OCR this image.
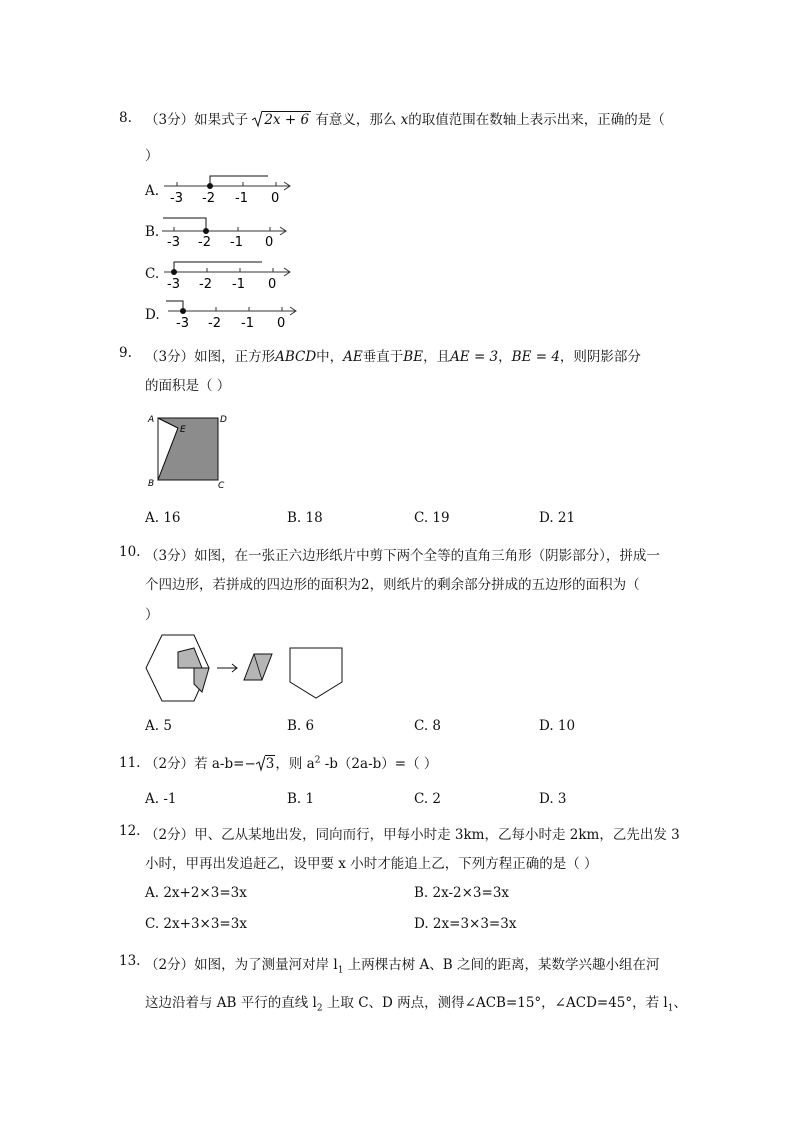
8. （3分）如果式子 2x + 6 有意义，那么 x的取值范围在数轴上表示出来，正确的是（
）
A. -3 -2 -1 0
B.
-3 -2 -1 0
C.
-3 -2 -1 0
D.
-3 -2 -1 0
9. （3分）如图，正方形ABCD中，AE垂直于BE，且AE = 3，BE = 4，则阴影部分
的面积是（ ）
A	D
E
B	C
A. 16	B. 18	C. 19	D. 21
10. （3分）如图，在一张正六边形纸片中剪下两个全等的直角三角形（阴影部分），拼成一
个四边形，若拼成的四边形的面积为2，则纸片的剩余部分拼成的五边形的面积为（
）
A. 5	B. 6	C. 8	D. 10
11. （2分）若 a-b=− 3，则 $a^2$ -b（2a-b）=（ ）
A. -1	B. 1	C. 2	D. 3
12. （2分）甲、乙从某地出发，同向而行，甲每小时走 3km，乙每小时走 2km，乙先出发 3
小时，甲再出发追赶乙，设甲要 x 小时才能追上乙，下列方程正确的是（ ）
A. 2x+2×3=3x	B. 2x-2×3=3x
C. 2x+3×3=3x	D. 2x=3×3=3x
13. （2分）如图，为了测量河对岸 $l_1$ 上两棵古树 A、B 之间的距离，某数学兴趣小组在河
这边沿着与 AB 平行的直线 $l_2$ 上取 C、D 两点，测得∠ACB=15°，∠ACD=45°，若 $l_1$、
